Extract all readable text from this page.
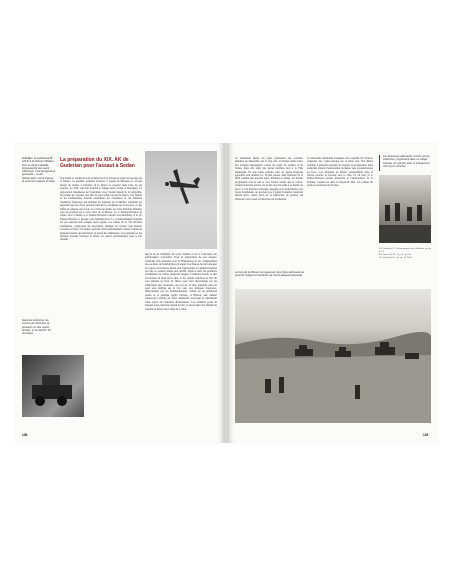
A droite : le publicitaire Bf 109 E-4 de Werner Mölders, futur as de la Luftwaffe, photographié peu avant l'offensive. Il est équipé de la grenouille « mode Wasserstoff » de la chasse, et porte les insignes du Stab.
La préparation du XIX. AK de Guderian pour l'assaut à Sedan
Von Kleist et Guderian sont en désaccord au niveau du point de passage sur la Meuse. Le premier souhaite traverser à l'ouest de Mouzon, le second autour de Sedan, à l'endroit où le fleuve se resserre dans l'une de ses boucles. Le XIX. AK doit franchir la Meuse entre Sedan et Donchery. La préparation minutieuse de l'opération, avec l'appui massif de la Luftwaffe, lui permet de s'assurer une tête de pont solide au sud du fleuve. Les Stukas et les bombardiers doivent neutraliser les casemates et les batteries d'artillerie françaises qui tiennent les hauteurs de la Marfée. Guderian est persuadé que ses chars peuvent franchir les Ardennes en trois jours, et que l'effet de surprise sera total. Le 13 mai au matin, ses trois divisions blindées sont en position sur la rive nord de la Meuse. La 1. Panzer-Division au centre, face à Sedan, la 2. Panzer-Division à droite vers Donchery et la 10. Panzer-Division à gauche vers Wadelincourt. Le commandement français n'a pas anticipé une attaque aussi rapide. Les unités de la 55e division d'infanterie, composées de réservistes, tiennent un secteur trop étendu. L'assaut est fixé à 16 heures, précédé d'un bombardement aérien continu de plusieurs heures qui doit briser le moral des défenseurs. Les pionniers et les fusiliers doivent traverser le fleuve en canots pneumatiques sous le feu ennemi.
que le tir de l'artillerie du corps d'armée et de la Luftwaffe soit parfaitement coordonné. Pour la préparation de son attaque, Guderian s'est entretenu avec le Fliegerkorps et les commandants des escadres de bombardiers en piqué. Les Stukas doivent attaquer en vagues successives durant tout l'après-midi. Le général n'ignore pas que ce soutien aérien sera décisif. Dans la nuit, les pionniers acheminent les canots jusqu'aux berges. L'artillerie lourde se met en batterie au nord de la ville, et les canons antichars de 8,8 cm sont amenés au bord du fleuve pour tirer directement sur les embrasures des casemates. Au soir du 13 mai, plusieurs têtes de pont sont établies sur la rive sud. Les défenses françaises, démoralisées par les bombardements, cèdent en de nombreux points et la panique gagne l'arrière. À Bulson, une rumeur annonçant l'arrivée de chars allemands provoque la débandade d'une partie de l'artillerie divisionnaire. Les premiers ponts de bateaux sont construits durant la nuit, ce qui permet aux blindés de franchir le fleuve dès l'aube du 14 mai.
Dans les Ardennes, les convois de véhicules se pressent sur des routes étroites, ici un Sd.Kfz. 10 remorque.
138
Le lendemain matin, les ponts permettent aux colonnes blindées de déboucher sur la rive sud. L'aviation alliée lance des attaques désespérées contre les ponts de Gaulier et de Sedan, mais elle subit des pertes terribles face à la Flak allemande. En une seule journée, plus de quatre-vingt-dix appareils sont abattus. Le 14 mai restera dans l'histoire de la RAF comme une journée noire. Pendant ce temps, les Panzer progressent vers le sud et vers l'ouest, tandis que la contre-attaque française prévue sur la tête de pont tarde à se mettre en place. La 3e division cuirassée, engagée trop tardivement et de façon fragmentée, ne parvient pas à rejeter l'ennemi. Guderian décide alors, contre l'avis de sa hiérarchie, de pousser ses divisions vers l'ouest en direction de la Manche.
La hiérarchie allemande s'inquiète de la rapidité de l'avance, craignant une contre-attaque sur le flanc sud. Von Kleist ordonne à plusieurs reprises de stopper la progression, mais Guderian obtient l'autorisation de mener une reconnaissance en force. Les divisions de Panzer s'engouffrent dans la brèche ouverte et foncent vers la côte. Le 20 mai, la 2. Panzer-Division atteint Abbeville et l'embouchure de la Somme, coupant en deux le dispositif allié. Les armées du nord se retrouvent encerclées.
Les fantassins allemands, arrivés par les Ardennes, progressent dans un village français. Au premier plan, le chargement d'un canon antichar.
63. Guderian, H., Erinnerungen eines Soldaten, op. cit., p. 87.
64. Frieser, K.-H., op. cit., p. 210.
65. Guderian, H., op. cit., p. 91-92.
Le long de la Meuse, la progression des chars allemands se poursuit malgré les tentatives de contre-attaque françaises.
139
